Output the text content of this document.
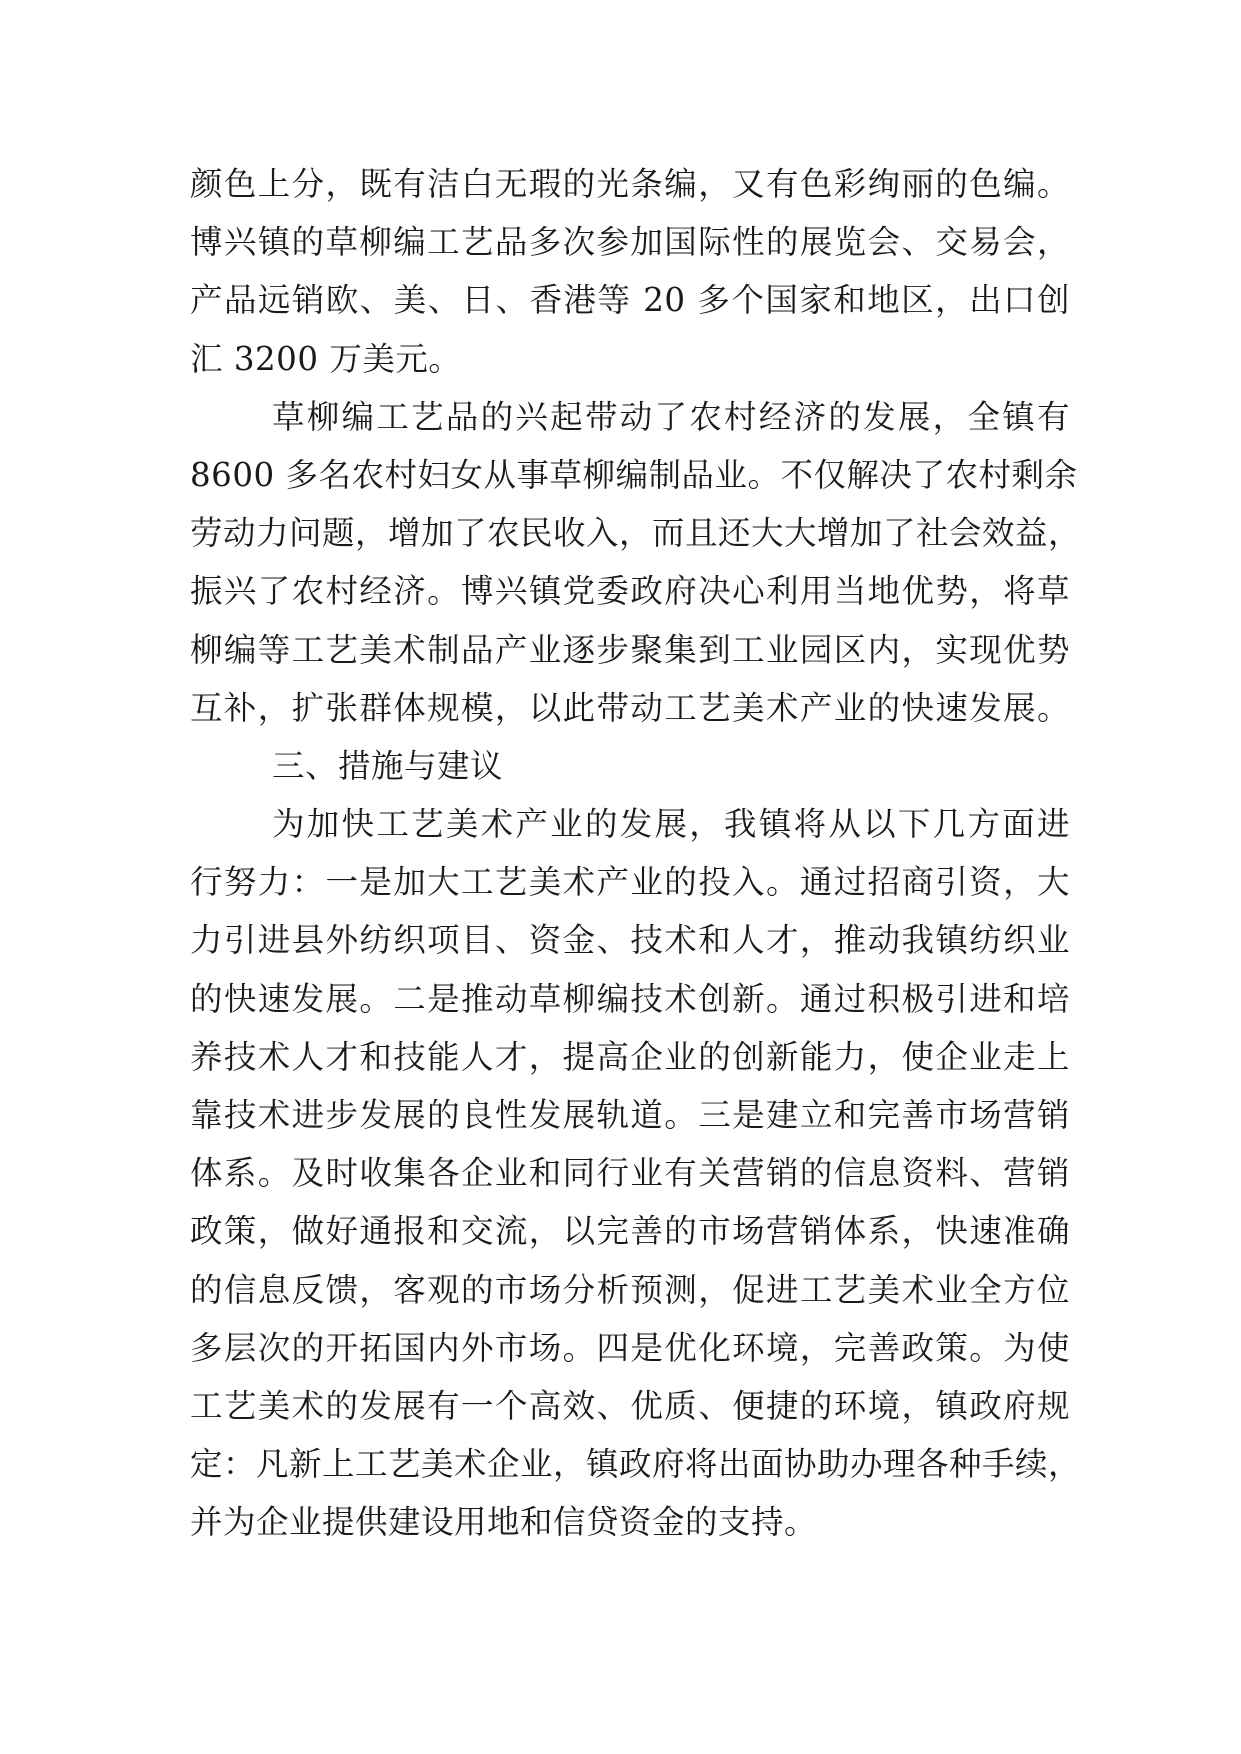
颜色上分，既有洁白无瑕的光条编，又有色彩绚丽的色编。
博兴镇的草柳编工艺品多次参加国际性的展览会、交易会，
产品远销欧、美、日、香港等 20 多个国家和地区，出口创
汇 3200 万美元。
草柳编工艺品的兴起带动了农村经济的发展，全镇有
8600 多名农村妇女从事草柳编制品业。不仅解决了农村剩余
劳动力问题，增加了农民收入，而且还大大增加了社会效益，
振兴了农村经济。博兴镇党委政府决心利用当地优势，将草
柳编等工艺美术制品产业逐步聚集到工业园区内，实现优势
互补，扩张群体规模，以此带动工艺美术产业的快速发展。
三、措施与建议
为加快工艺美术产业的发展，我镇将从以下几方面进
行努力：一是加大工艺美术产业的投入。通过招商引资，大
力引进县外纺织项目、资金、技术和人才，推动我镇纺织业
的快速发展。二是推动草柳编技术创新。通过积极引进和培
养技术人才和技能人才，提高企业的创新能力，使企业走上
靠技术进步发展的良性发展轨道。三是建立和完善市场营销
体系。及时收集各企业和同行业有关营销的信息资料、营销
政策，做好通报和交流，以完善的市场营销体系，快速准确
的信息反馈，客观的市场分析预测，促进工艺美术业全方位
多层次的开拓国内外市场。四是优化环境，完善政策。为使
工艺美术的发展有一个高效、优质、便捷的环境，镇政府规
定：凡新上工艺美术企业，镇政府将出面协助办理各种手续，
并为企业提供建设用地和信贷资金的支持。
